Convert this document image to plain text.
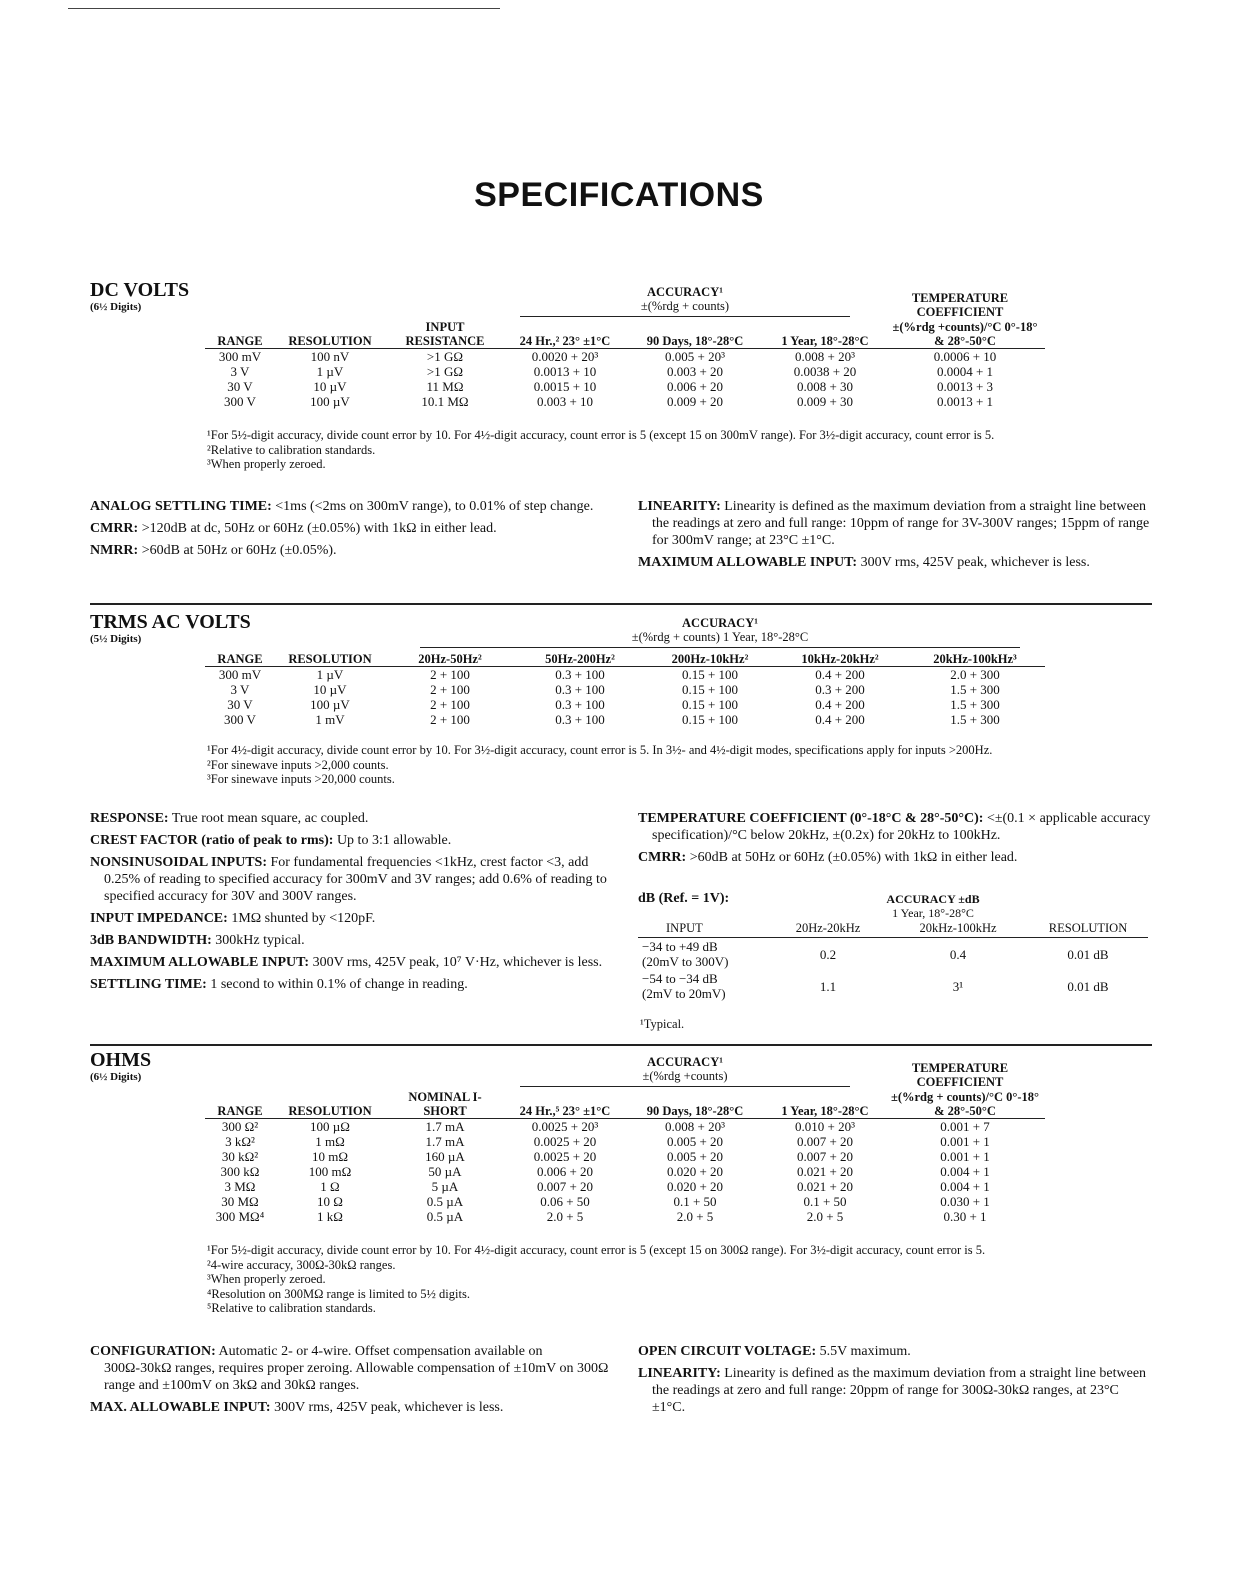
SPECIFICATIONS
DC VOLTS
(6½ Digits)
ACCURACY¹
±(%rdg + counts)
TEMPERATURE COEFFICIENT
RANGE	RESOLUTION	INPUT RESISTANCE	24 Hr.,² 23° ±1°C	90 Days, 18°-28°C	1 Year, 18°-28°C	±(%rdg +counts)/°C 0°-18° & 28°-50°C
300 mV	100 nV	>1 GΩ	0.0020 + 20³	0.005 + 20³	0.008 + 20³	0.0006 + 10
3 V	1 µV	>1 GΩ	0.0013 + 10	0.003 + 20	0.0038 + 20	0.0004 + 1
30 V	10 µV	11 MΩ	0.0015 + 10	0.006 + 20	0.008 + 30	0.0013 + 3
300 V	100 µV	10.1 MΩ	0.003 + 10	0.009 + 20	0.009 + 30	0.0013 + 1
¹For 5½-digit accuracy, divide count error by 10. For 4½-digit accuracy, count error is 5 (except 15 on 300mV range). For 3½-digit accuracy, count error is 5.
²Relative to calibration standards.
³When properly zeroed.

ANALOG SETTLING TIME: <1ms (<2ms on 300mV range), to 0.01% of step change.

CMRR: >120dB at dc, 50Hz or 60Hz (±0.05%) with 1kΩ in either lead.

NMRR: >60dB at 50Hz or 60Hz (±0.05%).

LINEARITY: Linearity is defined as the maximum deviation from a straight line between the readings at zero and full range: 10ppm of range for 3V-300V ranges; 15ppm of range for 300mV range; at 23°C ±1°C.

MAXIMUM ALLOWABLE INPUT: 300V rms, 425V peak, whichever is less.

TRMS AC VOLTS
(5½ Digits)
ACCURACY¹
±(%rdg + counts) 1 Year, 18°-28°C
RANGE	RESOLUTION	20Hz-50Hz²	50Hz-200Hz²	200Hz-10kHz²	10kHz-20kHz²	20kHz-100kHz³
300 mV	1 µV	2 + 100	0.3 + 100	0.15 + 100	0.4 + 200	2.0 + 300
3 V	10 µV	2 + 100	0.3 + 100	0.15 + 100	0.3 + 200	1.5 + 300
30 V	100 µV	2 + 100	0.3 + 100	0.15 + 100	0.4 + 200	1.5 + 300
300 V	1 mV	2 + 100	0.3 + 100	0.15 + 100	0.4 + 200	1.5 + 300
¹For 4½-digit accuracy, divide count error by 10. For 3½-digit accuracy, count error is 5. In 3½- and 4½-digit modes, specifications apply for inputs >200Hz.
²For sinewave inputs >2,000 counts.
³For sinewave inputs >20,000 counts.

RESPONSE: True root mean square, ac coupled.

CREST FACTOR (ratio of peak to rms): Up to 3:1 allowable.

NONSINUSOIDAL INPUTS: For fundamental frequencies <1kHz, crest factor <3, add 0.25% of reading to specified accuracy for 300mV and 3V ranges; add 0.6% of reading to specified accuracy for 30V and 300V ranges.

INPUT IMPEDANCE: 1MΩ shunted by <120pF.

3dB BANDWIDTH: 300kHz typical.

MAXIMUM ALLOWABLE INPUT: 300V rms, 425V peak, 10⁷ V·Hz, whichever is less.

SETTLING TIME: 1 second to within 0.1% of change in reading.

TEMPERATURE COEFFICIENT (0°-18°C & 28°-50°C): <±(0.1 × applicable accuracy specification)/°C below 20kHz, ±(0.2x) for 20kHz to 100kHz.

CMRR: >60dB at 50Hz or 60Hz (±0.05%) with 1kΩ in either lead.

dB (Ref. = 1V):	ACCURACY ±dB
1 Year, 18°-28°C
INPUT	20Hz-20kHz	20kHz-100kHz	RESOLUTION

−34 to +49 dB
(20mV to 300V)	0.2	0.4	0.01 dB

−54 to −34 dB
(2mV to 20mV)	1.1	3¹	0.01 dB
¹Typical.
OHMS
(6½ Digits)
ACCURACY¹
±(%rdg +counts)
TEMPERATURE COEFFICIENT
RANGE	RESOLUTION	NOMINAL I-SHORT	24 Hr.,⁵ 23° ±1°C	90 Days, 18°-28°C	1 Year, 18°-28°C	±(%rdg + counts)/°C 0°-18° & 28°-50°C
300 Ω²	100 µΩ	1.7 mA	0.0025 + 20³	0.008 + 20³	0.010 + 20³	0.001 + 7
3 kΩ²	1 mΩ	1.7 mA	0.0025 + 20	0.005 + 20	0.007 + 20	0.001 + 1
30 kΩ²	10 mΩ	160 µA	0.0025 + 20	0.005 + 20	0.007 + 20	0.001 + 1
300 kΩ	100 mΩ	50 µA	0.006 + 20	0.020 + 20	0.021 + 20	0.004 + 1
3 MΩ	1 Ω	5 µA	0.007 + 20	0.020 + 20	0.021 + 20	0.004 + 1
30 MΩ	10 Ω	0.5 µA	0.06 + 50	0.1 + 50	0.1 + 50	0.030 + 1
300 MΩ⁴	1 kΩ	0.5 µA	2.0 + 5	2.0 + 5	2.0 + 5	0.30 + 1
¹For 5½-digit accuracy, divide count error by 10. For 4½-digit accuracy, count error is 5 (except 15 on 300Ω range). For 3½-digit accuracy, count error is 5.
²4-wire accuracy, 300Ω-30kΩ ranges.
³When properly zeroed.
⁴Resolution on 300MΩ range is limited to 5½ digits.
⁵Relative to calibration standards.

CONFIGURATION: Automatic 2- or 4-wire. Offset compensation available on 300Ω-30kΩ ranges, requires proper zeroing. Allowable compensation of ±10mV on 300Ω range and ±100mV on 3kΩ and 30kΩ ranges.

MAX. ALLOWABLE INPUT: 300V rms, 425V peak, whichever is less.

OPEN CIRCUIT VOLTAGE: 5.5V maximum.

LINEARITY: Linearity is defined as the maximum deviation from a straight line between the readings at zero and full range: 20ppm of range for 300Ω-30kΩ ranges, at 23°C ±1°C.
